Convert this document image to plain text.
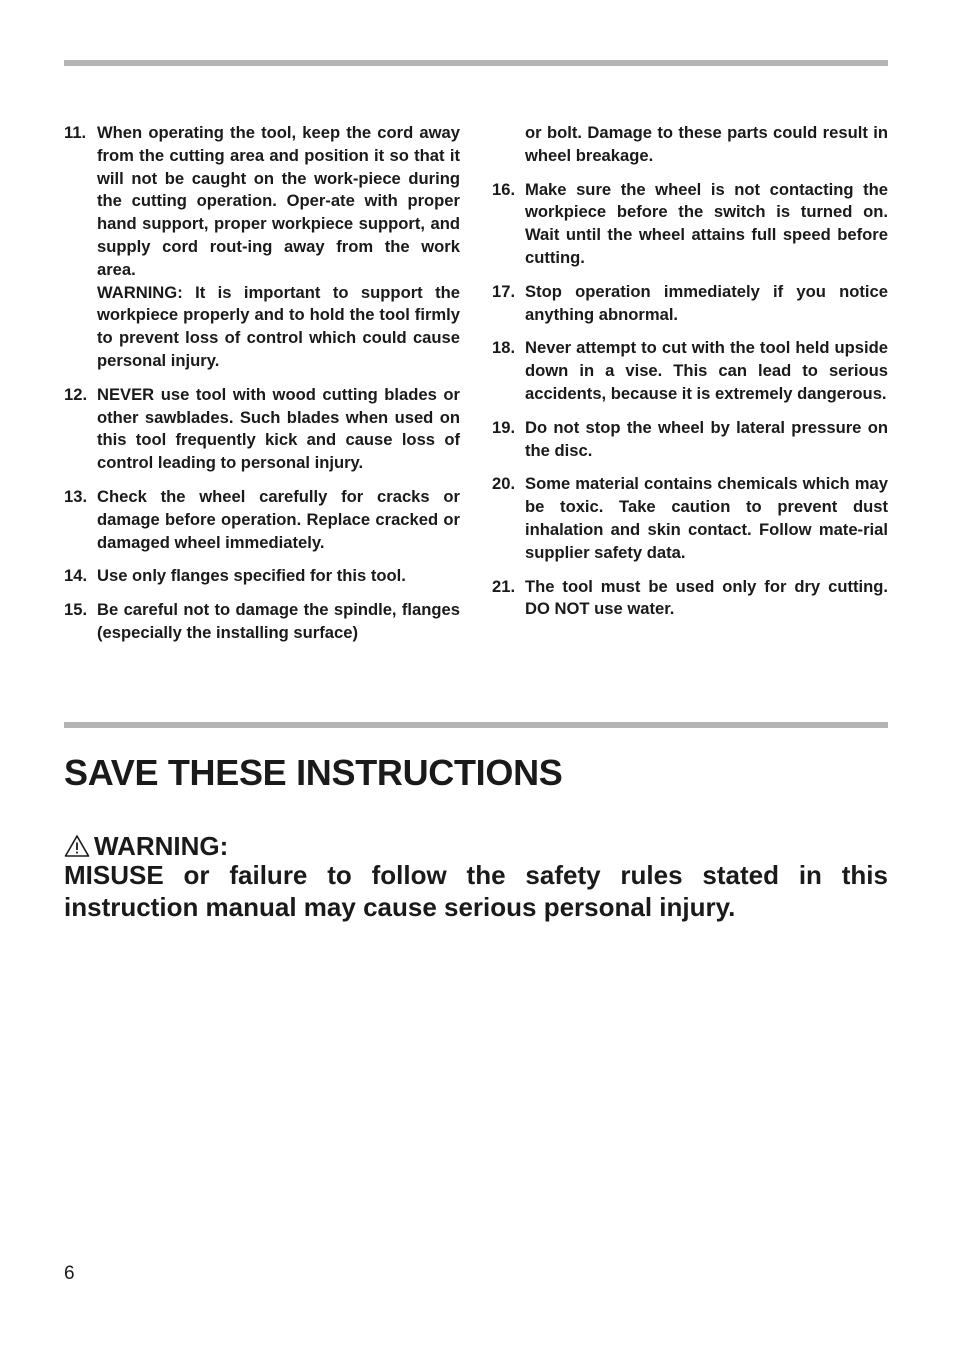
11. When operating the tool, keep the cord away from the cutting area and position it so that it will not be caught on the work-piece during the cutting operation. Oper-ate with proper hand support, proper workpiece support, and supply cord rout-ing away from the work area.

WARNING: It is important to support the workpiece properly and to hold the tool firmly to prevent loss of control which could cause personal injury.

12. NEVER use tool with wood cutting blades or other sawblades. Such blades when used on this tool frequently kick and cause loss of control leading to personal injury.

13. Check the wheel carefully for cracks or damage before operation. Replace cracked or damaged wheel immediately.

14. Use only flanges specified for this tool.

15. Be careful not to damage the spindle, flanges (especially the installing surface)

or bolt. Damage to these parts could result in wheel breakage.

16. Make sure the wheel is not contacting the workpiece before the switch is turned on. Wait until the wheel attains full speed before cutting.

17. Stop operation immediately if you notice anything abnormal.

18. Never attempt to cut with the tool held upside down in a vise. This can lead to serious accidents, because it is extremely dangerous.

19. Do not stop the wheel by lateral pressure on the disc.

20. Some material contains chemicals which may be toxic. Take caution to prevent dust inhalation and skin contact. Follow mate-rial supplier safety data.

21. The tool must be used only for dry cutting. DO NOT use water.

SAVE THESE INSTRUCTIONS
WARNING:
MISUSE or failure to follow the safety rules stated in this instruction manual may cause serious personal injury.
6
